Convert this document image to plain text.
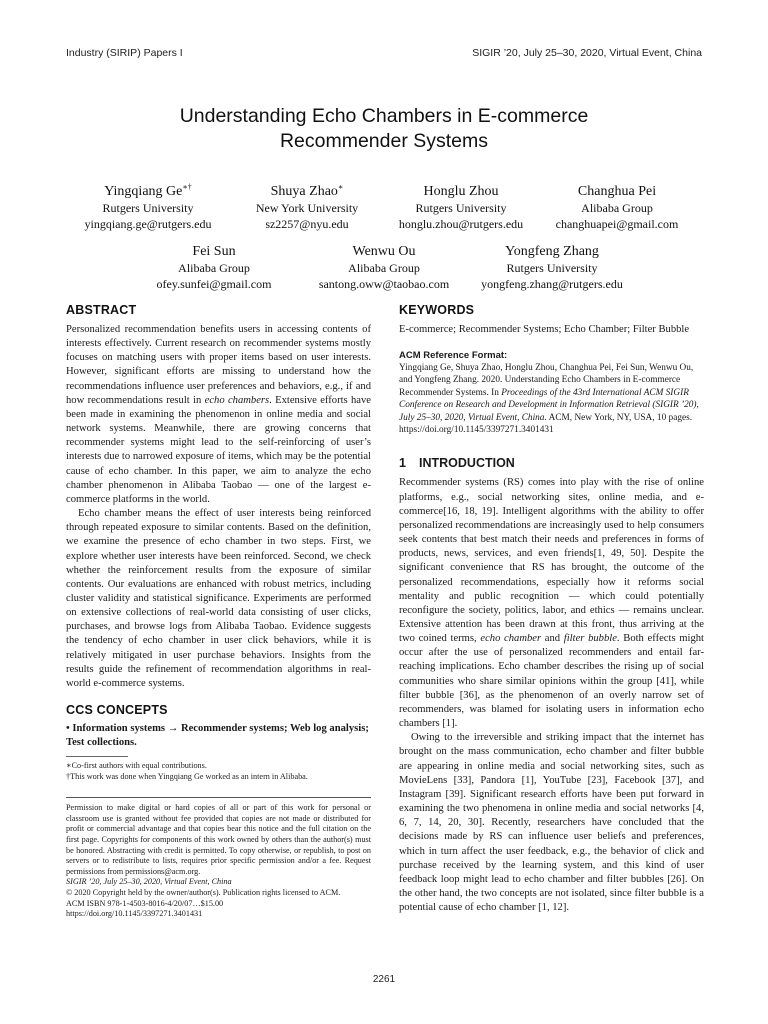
Industry (SIRIP) Papers I	SIGIR ’20, July 25–30, 2020, Virtual Event, China
Understanding Echo Chambers in E-commerce
Recommender Systems
Yingqiang Ge∗†
Rutgers University
yingqiang.ge@rutgers.edu
Shuya Zhao∗
New York University
sz2257@nyu.edu
Honglu Zhou
Rutgers University
honglu.zhou@rutgers.edu
Changhua Pei
Alibaba Group
changhuapei@gmail.com
Fei Sun
Alibaba Group
ofey.sunfei@gmail.com
Wenwu Ou
Alibaba Group
santong.oww@taobao.com
Yongfeng Zhang
Rutgers University
yongfeng.zhang@rutgers.edu
ABSTRACT
Personalized recommendation benefits users in accessing contents of interests effectively. Current research on recommender systems mostly focuses on matching users with proper items based on user interests. However, significant efforts are missing to understand how the recommendations influence user preferences and behaviors, e.g., if and how recommendations result in echo chambers. Extensive efforts have been made in examining the phenomenon in online media and social network systems. Meanwhile, there are growing concerns that recommender systems might lead to the self-reinforcing of user’s interests due to narrowed exposure of items, which may be the potential cause of echo chamber. In this paper, we aim to analyze the echo chamber phenomenon in Alibaba Taobao — one of the largest e-commerce platforms in the world.
Echo chamber means the effect of user interests being reinforced through repeated exposure to similar contents. Based on the definition, we examine the presence of echo chamber in two steps. First, we explore whether user interests have been reinforced. Second, we check whether the reinforcement results from the exposure of similar contents. Our evaluations are enhanced with robust metrics, including cluster validity and statistical significance. Experiments are performed on extensive collections of real-world data consisting of user clicks, purchases, and browse logs from Alibaba Taobao. Evidence suggests the tendency of echo chamber in user click behaviors, while it is relatively mitigated in user purchase behaviors. Insights from the results guide the refinement of recommendation algorithms in real-world e-commerce systems.
CCS CONCEPTS
• Information systems → Recommender systems; Web log analysis; Test collections.
∗Co-first authors with equal contributions.
†This work was done when Yingqiang Ge worked as an intern in Alibaba.
Permission to make digital or hard copies of all or part of this work for personal or classroom use is granted without fee provided that copies are not made or distributed for profit or commercial advantage and that copies bear this notice and the full citation on the first page. Copyrights for components of this work owned by others than the author(s) must be honored. Abstracting with credit is permitted. To copy otherwise, or republish, to post on servers or to redistribute to lists, requires prior specific permission and/or a fee. Request permissions from permissions@acm.org.
SIGIR ’20, July 25–30, 2020, Virtual Event, China
© 2020 Copyright held by the owner/author(s). Publication rights licensed to ACM.
ACM ISBN 978-1-4503-8016-4/20/07…$15.00
https://doi.org/10.1145/3397271.3401431
KEYWORDS
E-commerce; Recommender Systems; Echo Chamber; Filter Bubble
ACM Reference Format:
Yingqiang Ge, Shuya Zhao, Honglu Zhou, Changhua Pei, Fei Sun, Wenwu Ou, and Yongfeng Zhang. 2020. Understanding Echo Chambers in E-commerce Recommender Systems. In Proceedings of the 43rd International ACM SIGIR Conference on Research and Development in Information Retrieval (SIGIR ’20), July 25–30, 2020, Virtual Event, China. ACM, New York, NY, USA, 10 pages. https://doi.org/10.1145/3397271.3401431
1 INTRODUCTION
Recommender systems (RS) comes into play with the rise of online platforms, e.g., social networking sites, online media, and e-commerce[16, 18, 19]. Intelligent algorithms with the ability to offer personalized recommendations are increasingly used to help consumers seek contents that best match their needs and preferences in forms of products, news, services, and even friends[1, 49, 50]. Despite the significant convenience that RS has brought, the outcome of the personalized recommendations, especially how it reforms social mentality and public recognition — which could potentially reconfigure the society, politics, labor, and ethics — remains unclear. Extensive attention has been drawn at this front, thus arriving at the two coined terms, echo chamber and filter bubble. Both effects might occur after the use of personalized recommenders and entail far-reaching implications. Echo chamber describes the rising up of social communities who share similar opinions within the group [41], while filter bubble [36], as the phenomenon of an overly narrow set of recommenders, was blamed for isolating users in information echo chambers [1].
Owing to the irreversible and striking impact that the internet has brought on the mass communication, echo chamber and filter bubble are appearing in online media and social networking sites, such as MovieLens [33], Pandora [1], YouTube [23], Facebook [37], and Instagram [39]. Significant research efforts have been put forward in examining the two phenomena in online media and social networks [4, 6, 7, 14, 20, 30]. Recently, researchers have concluded that the decisions made by RS can influence user beliefs and preferences, which in turn affect the user feedback, e.g., the behavior of click and purchase received by the learning system, and this kind of user feedback loop might lead to echo chamber and filter bubbles [26]. On the other hand, the two concepts are not isolated, since filter bubble is a potential cause of echo chamber [1, 12].
2261
